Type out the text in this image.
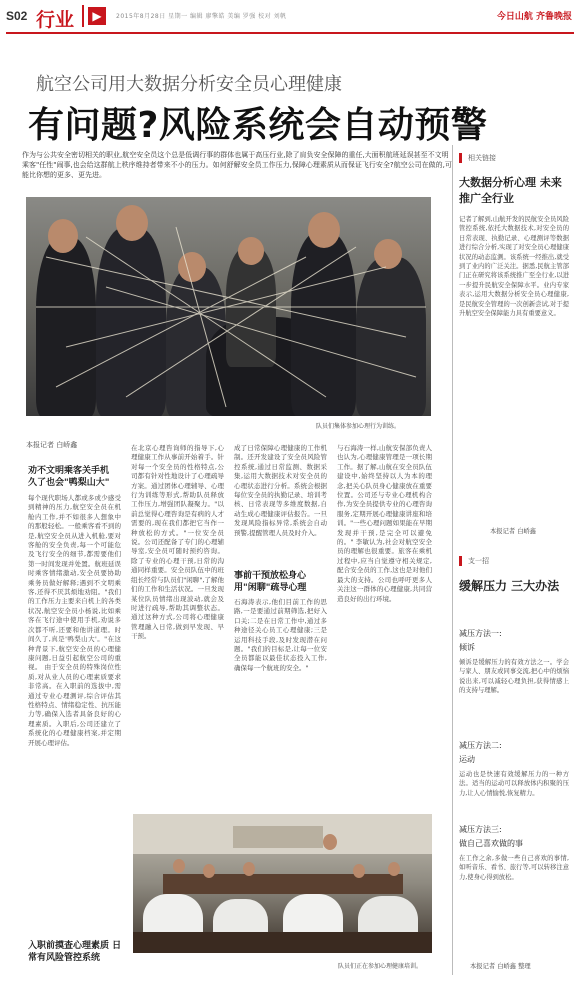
S02 行业	▶	2015年8月28日 星期一 编辑 廖擎皓 美编 罗强 校对 刘帆	今日山航 齐鲁晚报
航空公司用大数据分析安全员心理健康
有问题?风险系统会自动预警
作为与公共安全密切相关的职业,航空安全员这个总是低调行事的群体也属于高压行业,除了肩负安全保障的重任,大面积航班延误甚至不文明乘客"任性"闹事,也会给这群航上秩序维持者带来不小的压力。如何舒解安全员工作压力,保障心理素质从而保证飞行安全?航空公司在做的,可能比你想的更多、更先进。
队员们集体参加心理行为训练。
本报记者 白峤鑫
劝不文明乘客关手机 久了也会"鸭梨山大"
每个现代职场人都或多或少感受到精神的压力,航空安全员在机舱内工作,并不如很多人想象中的那般轻松。一般乘客看不到的是,航空安全员从进入机舱,要对客舱的安全负责,每一个可能危及飞行安全的细节,都需要他们第一时间发现并处置。航班延误时乘客情绪激动,安全员要协助乘务员做好解释;遇到不文明乘客,还得不厌其烦地劝阻。"我们的工作压力主要来自机上的各类状况,航空安全员小杨说,比如乘客在飞行途中使用手机,劝说多次都不听,还要和他讲道理。时间久了,真是'鸭梨山大'。"在这种背景下,航空安全员的心理健康问题,日益引起航空公司的重视。 由于安全员的特殊岗位性质,对从业人员的心理素质要求非常高。在入职前的选拔中,需通过专业心理测评,综合评估其性格特点、情绪稳定性、抗压能力等,确保入选者具备良好的心理素质。入职后,公司还建立了系统化的心理健康档案,并定期开展心理评估。
入职前摸查心理素质 日常有风险管控系统
在北京心理咨询师的指导下,心理健康工作从事前开始着手。针对每一个安全员的性格特点,公司都有针对性地设计了心理疏导方案。通过团体心理辅导、心理行为训练等形式,帮助队员释放工作压力,增强团队凝聚力。"以前总觉得心理咨询是有病的人才需要的,现在我们都把它当作一种放松的方式。"一位安全员说。公司还配备了专门的心理辅导室,安全员可随时预约咨询。 除了专业的心理干预,日常的沟通同样重要。安全员队伍中的班组长经常与队员们"闲聊",了解他们的工作和生活状况。一旦发现某位队员情绪出现波动,就会及时进行疏导,帮助其调整状态。通过这种方式,公司将心理健康管理融入日常,做到早发现、早干预。
成了日常保障心理健康的工作机制。还开发建设了安全员风险管控系统,通过日常监测、数据采集,运用大数据技术对安全员的心理状态进行分析。系统会根据每位安全员的执勤记录、培训考核、日常表现等多维度数据,自动生成心理健康评估报告。一旦发现风险指标异常,系统会自动预警,提醒管理人员及时介入。
事前干预放松身心 用"闲聊"疏导心理
石海涛表示,他们目前工作的思路,一是要通过前期筛选,把好入口关;二是在日常工作中,通过多种途径关心员工心理健康;三是运用科技手段,及时发现潜在问题。"我们的目标是,让每一位安全员都能以最佳状态投入工作,确保每一个航班的安全。"
与石海涛一样,山航安保部负责人也认为,心理健康管理是一项长期工作。据了解,山航在安全员队伍建设中,始终坚持以人为本的理念,把关心队员身心健康放在重要位置。公司还与专业心理机构合作,为安全员提供专业的心理咨询服务,定期开展心理健康讲座和培训。"一些心理问题如果能在早期发现并干预,是完全可以避免的。" 李敏认为,社会对航空安全员的理解也很重要。旅客在乘机过程中,应当自觉遵守相关规定,配合安全员的工作,这也是对他们最大的支持。公司也呼吁更多人关注这一群体的心理健康,共同营造良好的出行环境。
队员们正在参加心理健康培训。
相关链接
大数据分析心理 未来推广全行业
记者了解到,山航开发的民航安全员风险管控系统,依托大数据技术,对安全员的日常表现、执勤记录、心理测评等数据进行综合分析,实现了对安全员心理健康状况的动态监测。该系统一经推出,就受到了业内的广泛关注。据悉,民航主管部门正在研究将该系统推广至全行业,以进一步提升民航安全保障水平。业内专家表示,运用大数据分析安全员心理健康,是民航安全管理的一次创新尝试,对于提升航空安全保障能力具有重要意义。
本报记者 白峤鑫
支一招
缓解压力 三大办法
减压方法一:
倾诉
倾诉是缓解压力的有效方法之一。学会与家人、朋友或同事交流,把心中的烦恼说出来,可以减轻心理负担,获得情感上的支持与理解。
减压方法二:
运动
运动也是快速有效缓解压力的一种方法。适当的运动可以释放体内积聚的压力,让人心情愉悦,恢复精力。
减压方法三:
做自己喜欢做的事
在工作之余,多做一些自己喜欢的事情,如听音乐、看书、旅行等,可以转移注意力,使身心得到放松。
本报记者 白峤鑫 整理
